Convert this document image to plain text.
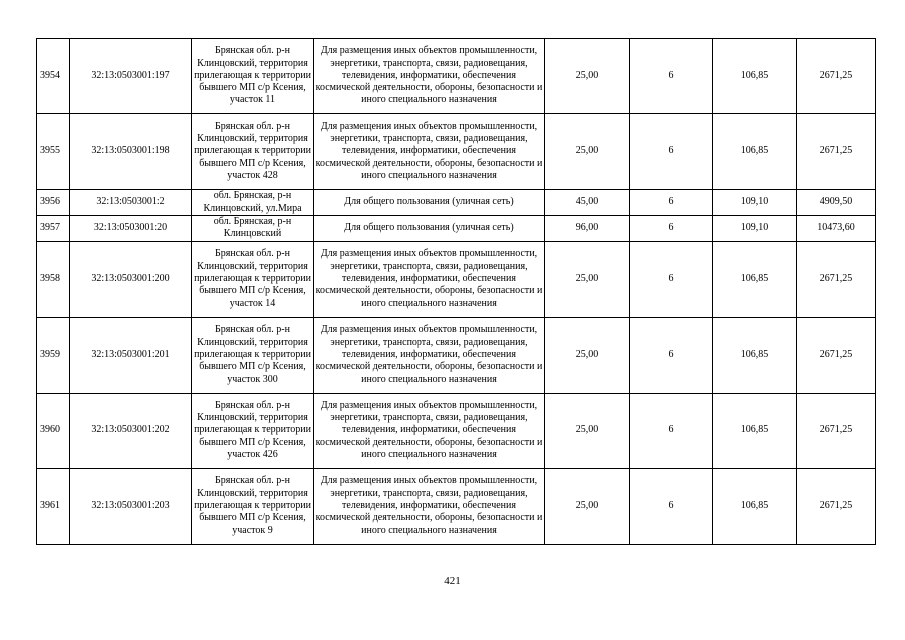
3954	32:13:0503001:197	Брянская обл. р-н Клинцовский, территория прилегающая к территории бывшего МП с/р Ксения, участок 11	Для размещения иных объектов промышленности, энергетики, транспорта, связи, радиовещания, телевидения, информатики, обеспечения космической деятельности, обороны, безопасности и иного специального назначения	25,00	6	106,85	2671,25
3955	32:13:0503001:198	Брянская обл. р-н Клинцовский, территория прилегающая к территории бывшего МП с/р Ксения, участок 428	Для размещения иных объектов промышленности, энергетики, транспорта, связи, радиовещания, телевидения, информатики, обеспечения космической деятельности, обороны, безопасности и иного специального назначения	25,00	6	106,85	2671,25
3956	32:13:0503001:2	обл. Брянская, р-н Клинцовский, ул.Мира	Для общего пользования (уличная сеть)	45,00	6	109,10	4909,50
3957	32:13:0503001:20	обл. Брянская, р-н Клинцовский	Для общего пользования (уличная сеть)	96,00	6	109,10	10473,60
3958	32:13:0503001:200	Брянская обл. р-н Клинцовский, территория прилегающая к территории бывшего МП с/р Ксения, участок 14	Для размещения иных объектов промышленности, энергетики, транспорта, связи, радиовещания, телевидения, информатики, обеспечения космической деятельности, обороны, безопасности и иного специального назначения	25,00	6	106,85	2671,25
3959	32:13:0503001:201	Брянская обл. р-н Клинцовский, территория прилегающая к территории бывшего МП с/р Ксения, участок 300	Для размещения иных объектов промышленности, энергетики, транспорта, связи, радиовещания, телевидения, информатики, обеспечения космической деятельности, обороны, безопасности и иного специального назначения	25,00	6	106,85	2671,25
3960	32:13:0503001:202	Брянская обл. р-н Клинцовский, территория прилегающая к территории бывшего МП с/р Ксения, участок 426	Для размещения иных объектов промышленности, энергетики, транспорта, связи, радиовещания, телевидения, информатики, обеспечения космической деятельности, обороны, безопасности и иного специального назначения	25,00	6	106,85	2671,25
3961	32:13:0503001:203	Брянская обл. р-н Клинцовский, территория прилегающая к территории бывшего МП с/р Ксения, участок 9	Для размещения иных объектов промышленности, энергетики, транспорта, связи, радиовещания, телевидения, информатики, обеспечения космической деятельности, обороны, безопасности и иного специального назначения	25,00	6	106,85	2671,25
421
